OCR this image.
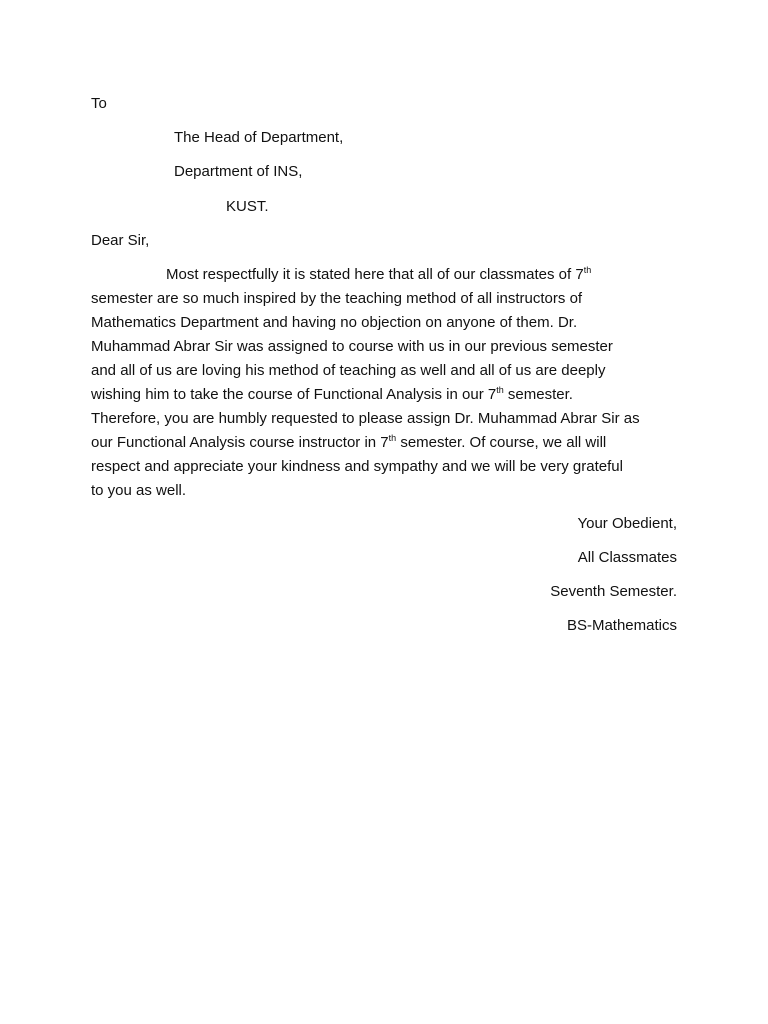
To
The Head of Department,
Department of INS,
KUST.
Dear Sir,
Most respectfully it is stated here that all of our classmates of 7th
semester are so much inspired by the teaching method of all instructors of
Mathematics Department and having no objection on anyone of them. Dr.
Muhammad Abrar Sir was assigned to course with us in our previous semester
and all of us are loving his method of teaching as well and all of us are deeply
wishing him to take the course of Functional Analysis in our 7th semester.
Therefore, you are humbly requested to please assign Dr. Muhammad Abrar Sir as
our Functional Analysis course instructor in 7th semester. Of course, we all will
respect and appreciate your kindness and sympathy and we will be very grateful
to you as well.
Your Obedient,
All Classmates
Seventh Semester.
BS-Mathematics
